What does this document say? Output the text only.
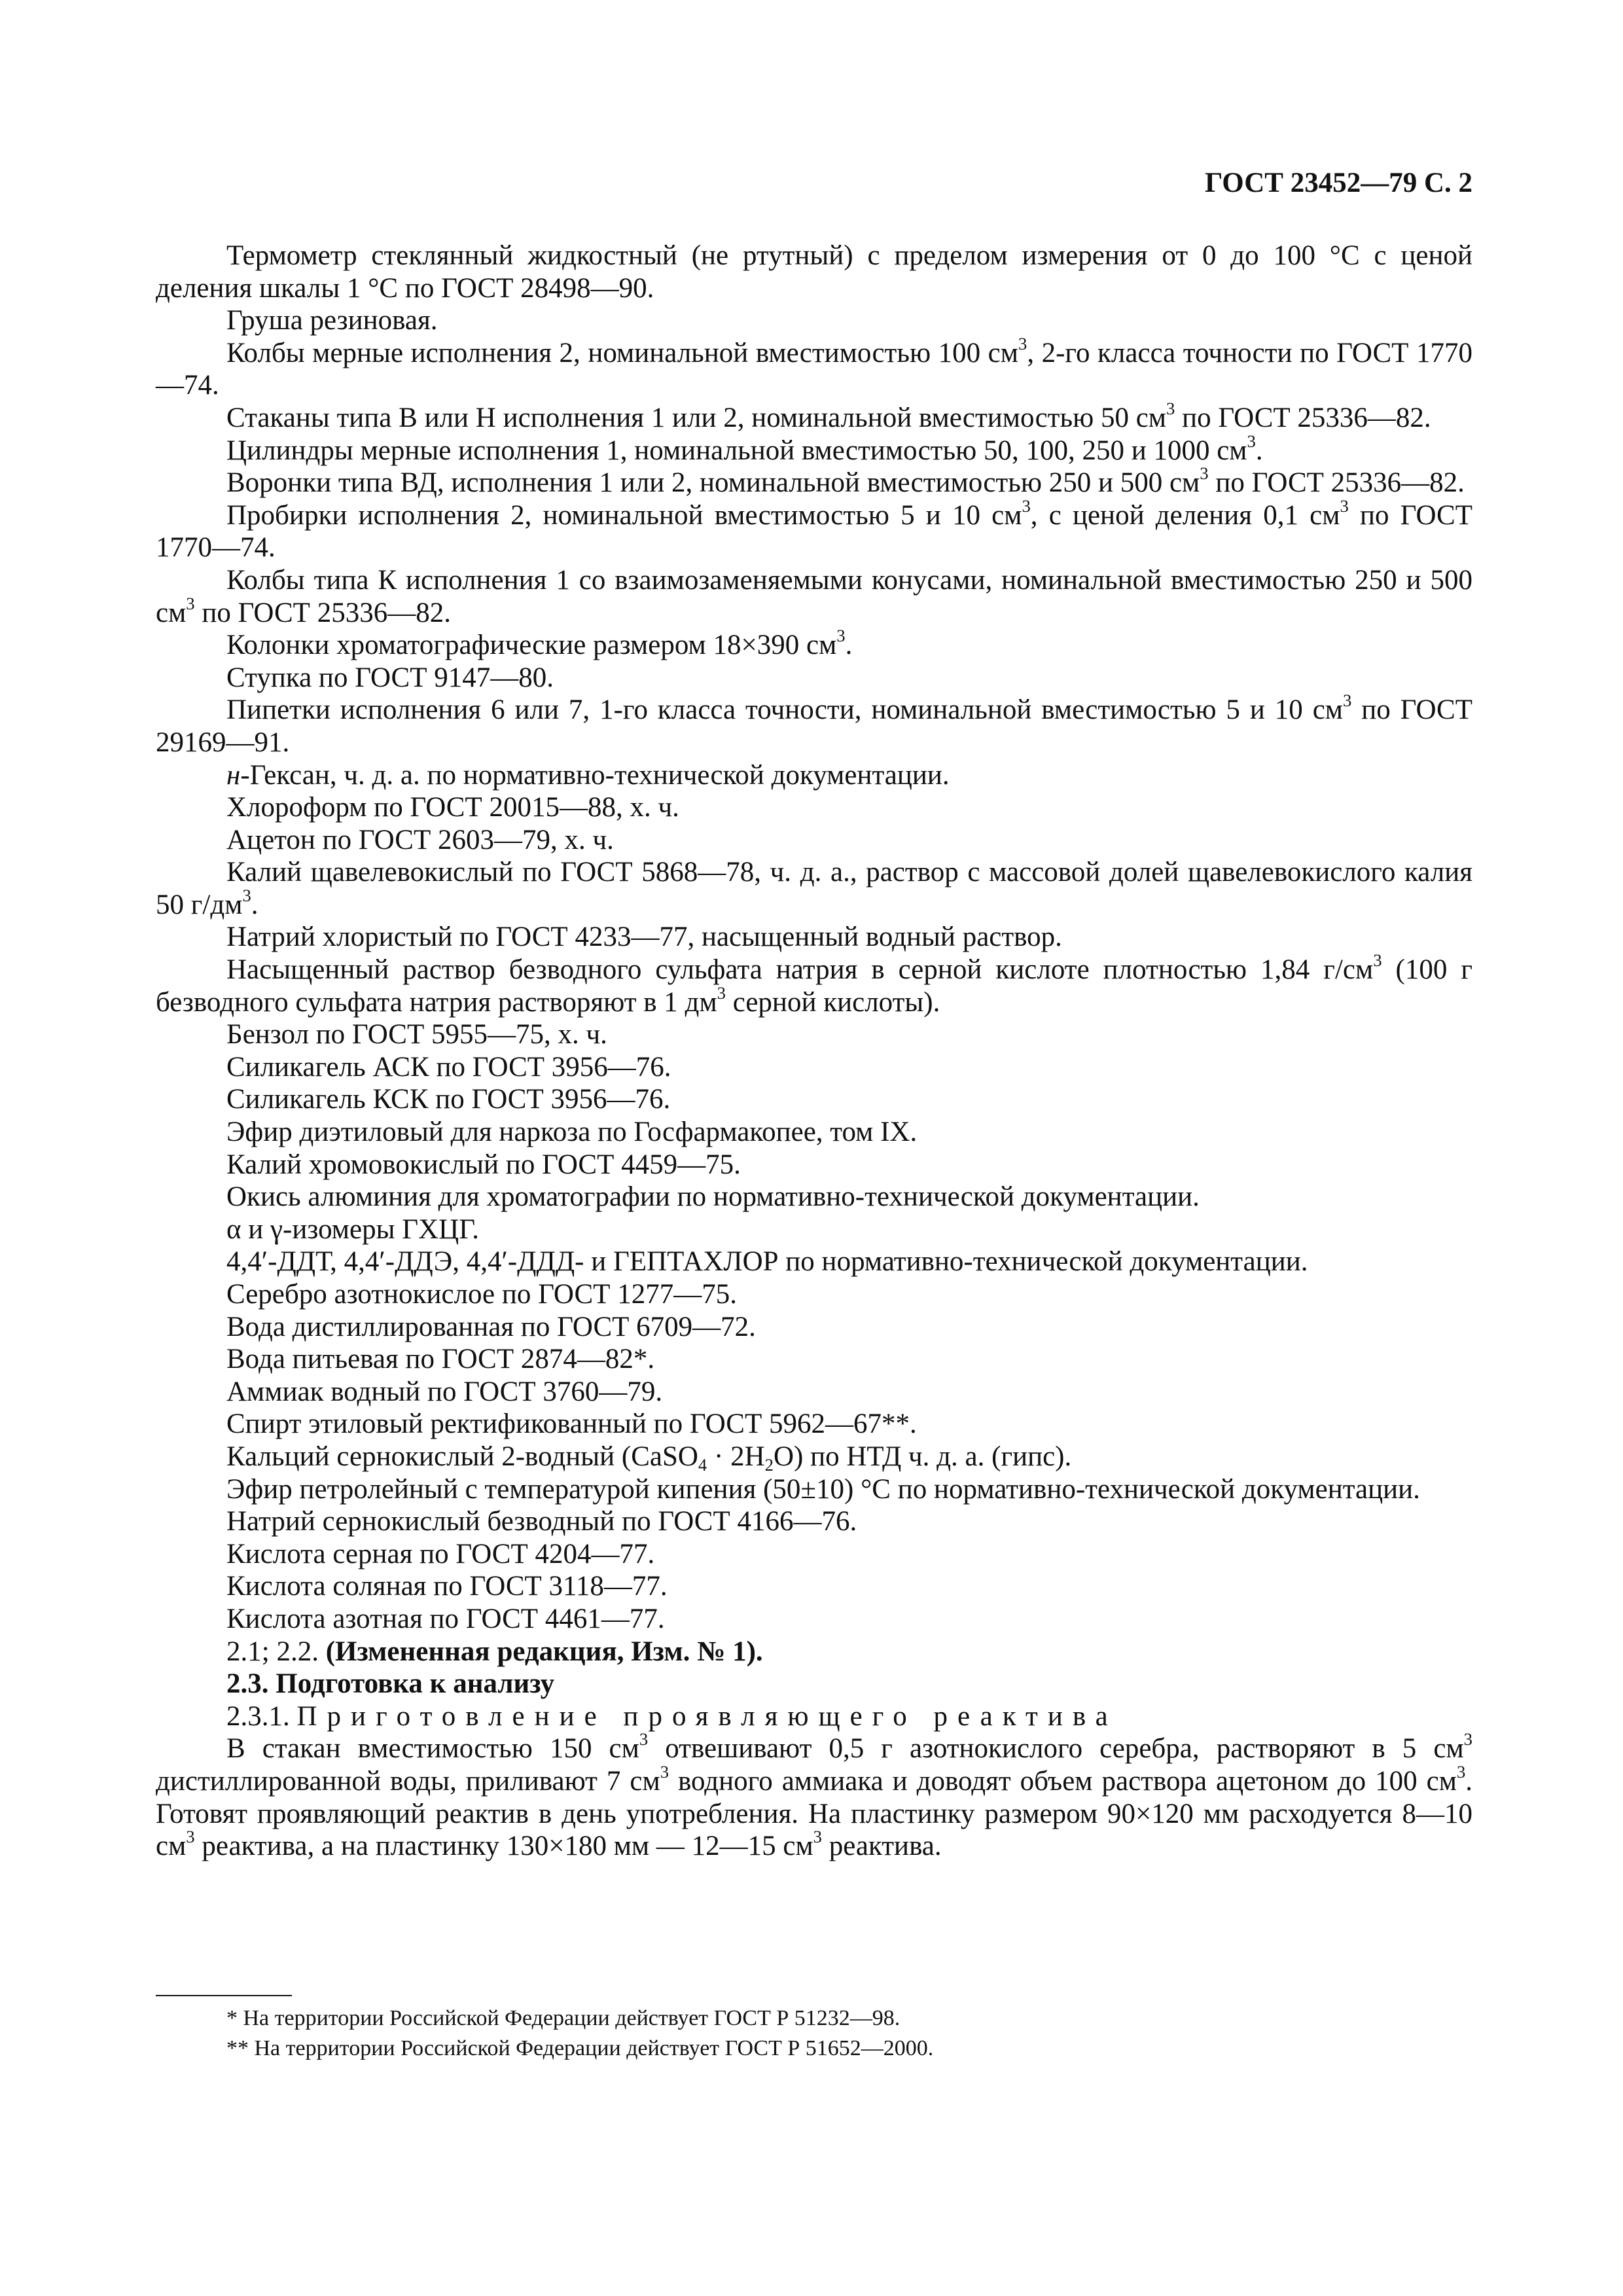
ГОСТ 23452—79 С. 2

Термометр стеклянный жидкостный (не ртутный) с пределом измерения от 0 до 100 °С с ценой деления шкалы 1 °С по ГОСТ 28498—90.

Груша резиновая.

Колбы мерные исполнения 2, номинальной вместимостью 100 $см^3$, 2-го класса точности по ГОСТ 1770—74.

Стаканы типа В или Н исполнения 1 или 2, номинальной вместимостью 50 $см^3$ по ГОСТ 25336—82.

Цилиндры мерные исполнения 1, номинальной вместимостью 50, 100, 250 и 1000 $см^3$.

Воронки типа ВД, исполнения 1 или 2, номинальной вместимостью 250 и 500 $см^3$ по ГОСТ 25336—82.

Пробирки исполнения 2, номинальной вместимостью 5 и 10 $см^3$, с ценой деления 0,1 $см^3$ по ГОСТ 1770—74.

Колбы типа К исполнения 1 со взаимозаменяемыми конусами, номинальной вместимостью 250 и 500 $см^3$ по ГОСТ 25336—82.

Колонки хроматографические размером 18×390 $см^3$.

Ступка по ГОСТ 9147—80.

Пипетки исполнения 6 или 7, 1-го класса точности, номинальной вместимостью 5 и 10 $см^3$ по ГОСТ 29169—91.

н-Гексан, ч. д. а. по нормативно-технической документации.

Хлороформ по ГОСТ 20015—88, х. ч.

Ацетон по ГОСТ 2603—79, х. ч.

Калий щавелевокислый по ГОСТ 5868—78, ч. д. а., раствор с массовой долей щавелевокислого калия 50 $г/дм^3$.

Натрий хлористый по ГОСТ 4233—77, насыщенный водный раствор.

Насыщенный раствор безводного сульфата натрия в серной кислоте плотностью 1,84 $г/см^3$ (100 г безводного сульфата натрия растворяют в 1 $дм^3$ серной кислоты).

Бензол по ГОСТ 5955—75, х. ч.

Силикагель АСК по ГОСТ 3956—76.

Силикагель КСК по ГОСТ 3956—76.

Эфир диэтиловый для наркоза по Госфармакопее, том IX.

Калий хромовокислый по ГОСТ 4459—75.

Окись алюминия для хроматографии по нормативно-технической документации.

α и γ-изомеры ГХЦГ.

4,4′-ДДТ, 4,4′-ДДЭ, 4,4′-ДДД- и ГЕПТАХЛОР по нормативно-технической документации.

Серебро азотнокислое по ГОСТ 1277—75.

Вода дистиллированная по ГОСТ 6709—72.

Вода питьевая по ГОСТ 2874—82*.

Аммиак водный по ГОСТ 3760—79.

Спирт этиловый ректификованный по ГОСТ 5962—67**.

Кальций сернокислый 2-водный (CaSO$_4$ · $2H_2O$) по НТД ч. д. а. (гипс).

Эфир петролейный с температурой кипения (50±10) °С по нормативно-технической документации.

Натрий сернокислый безводный по ГОСТ 4166—76.

Кислота серная по ГОСТ 4204—77.

Кислота соляная по ГОСТ 3118—77.

Кислота азотная по ГОСТ 4461—77.

2.1; 2.2. (Измененная редакция, Изм. № 1).

2.3. Подготовка к анализу

2.3.1. Приготовление проявляющего реактива

В стакан вместимостью 150 $см^3$ отвешивают 0,5 г азотнокислого серебра, растворяют в 5 $см^3$ дистиллированной воды, приливают 7 $см^3$ водного аммиака и доводят объем раствора ацетоном до 100 $см^3$. Готовят проявляющий реактив в день употребления. На пластинку размером 90×120 мм расходуется 8—10 $см^3$ реактива, а на пластинку 130×180 мм — 12—15 $см^3$ реактива.

* На территории Российской Федерации действует ГОСТ Р 51232—98.
** На территории Российской Федерации действует ГОСТ Р 51652—2000.
